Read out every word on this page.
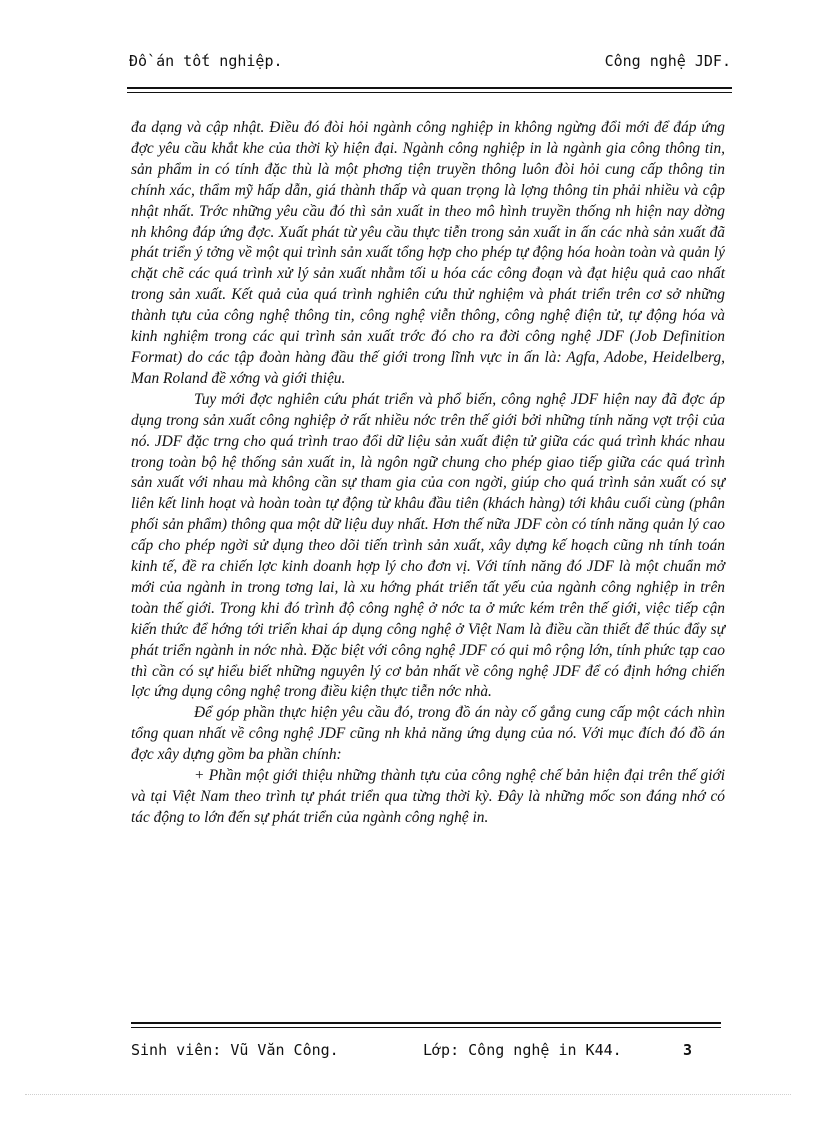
Đồ án tốt nghiệp.	Công nghệ JDF.

đa dạng và cập nhật. Điều đó đòi hỏi ngành công nghiệp in không ngừng đổi mới để đáp ứng đợc yêu cầu khắt khe của thời kỳ hiện đại. Ngành công nghiệp in là ngành gia công thông tin, sản phẩm in có tính đặc thù là một phơng tiện truyền thông luôn đòi hỏi cung cấp thông tin chính xác, thẩm mỹ hấp dẫn, giá thành thấp và quan trọng là lợng thông tin phải nhiều và cập nhật nhất. Trớc những yêu cầu đó thì sản xuất in theo mô hình truyền thống nh hiện nay dờng nh không đáp ứng đợc. Xuất phát từ yêu cầu thực tiễn trong sản xuất in ấn các nhà sản xuất đã phát triển ý tởng về một qui trình sản xuất tổng hợp cho phép tự động hóa hoàn toàn và quản lý chặt chẽ các quá trình xử lý sản xuất nhằm tối u hóa các công đoạn và đạt hiệu quả cao nhất trong sản xuất. Kết quả của quá trình nghiên cứu thử nghiệm và phát triển trên cơ sở những thành tựu của công nghệ thông tin, công nghệ viễn thông, công nghệ điện tử, tự động hóa và kinh nghiệm trong các qui trình sản xuất trớc đó cho ra đời công nghệ JDF (Job Definition Format) do các tập đoàn hàng đầu thế giới trong lĩnh vực in ấn là: Agfa, Adobe, Heidelberg, Man Roland đề xớng và giới thiệu.

Tuy mới đợc nghiên cứu phát triển và phổ biến, công nghệ JDF hiện nay đã đợc áp dụng trong sản xuất công nghiệp ở rất nhiều nớc trên thế giới bởi những tính năng vợt trội của nó. JDF đặc trng cho quá trình trao đổi dữ liệu sản xuất điện tử giữa các quá trình khác nhau trong toàn bộ hệ thống sản xuất in, là ngôn ngữ chung cho phép giao tiếp giữa các quá trình sản xuất với nhau mà không cần sự tham gia của con ngời, giúp cho quá trình sản xuất có sự liên kết linh hoạt và hoàn toàn tự động từ khâu đầu tiên (khách hàng) tới khâu cuối cùng (phân phối sản phẩm) thông qua một dữ liệu duy nhất. Hơn thế nữa JDF còn có tính năng quản lý cao cấp cho phép ngời sử dụng theo dõi tiến trình sản xuất, xây dựng kế hoạch cũng nh tính toán kinh tế, đề ra chiến lợc kinh doanh hợp lý cho đơn vị. Với tính năng đó JDF là một chuẩn mở mới của ngành in trong tơng lai, là xu hớng phát triển tất yếu của ngành công nghiệp in trên toàn thế giới. Trong khi đó trình độ công nghệ ở nớc ta ở mức kém trên thế giới, việc tiếp cận kiến thức để hớng tới triển khai áp dụng công nghệ ở Việt Nam là điều cần thiết để thúc đẩy sự phát triển ngành in nớc nhà. Đặc biệt với công nghệ JDF có qui mô rộng lớn, tính phức tạp cao thì cần có sự hiểu biết những nguyên lý cơ bản nhất về công nghệ JDF để có định hớng chiến lợc ứng dụng công nghệ trong điều kiện thực tiễn nớc nhà.

Để góp phần thực hiện yêu cầu đó, trong đồ án này cố gắng cung cấp một cách nhìn tổng quan nhất về công nghệ JDF cũng nh khả năng ứng dụng của nó. Với mục đích đó đồ án đợc xây dựng gồm ba phần chính:

+ Phần một giới thiệu những thành tựu của công nghệ chế bản hiện đại trên thế giới và tại Việt Nam theo trình tự phát triển qua từng thời kỳ. Đây là những mốc son đáng nhớ có tác động to lớn đến sự phát triển của ngành công nghệ in.

Sinh viên: Vũ Văn Công.	Lớp: Công nghệ in K44.	3
